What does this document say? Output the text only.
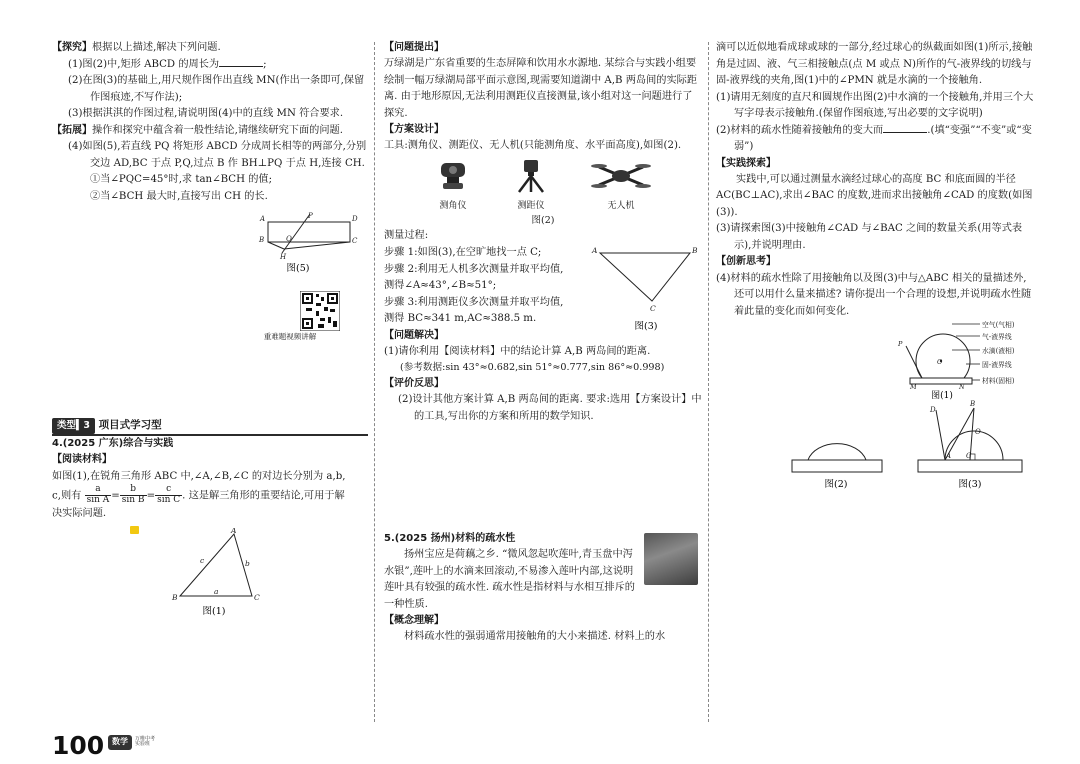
【探究】根据以上描述,解决下列问题.

(1)图(2)中,矩形 ABCD 的周长为	;

(2)在图(3)的基础上,用尺规作图作出直线 MN(作出一条即可,保留作图痕迹,不写作法);

(3)根据淇淇的作图过程,请说明图(4)中的直线 MN 符合要求.

【拓展】操作和探究中蕴含着一般性结论,请继续研究下面的问题.

(4)如图(5),若直线 PQ 将矩形 ABCD 分成周长相等的两部分,分别交边 AD,BC 于点 P,Q,过点 B 作 BH⊥PQ 于点 H,连接 CH.

①当∠PQC=45°时,求 tan∠BCH 的值;

②当∠BCH 最大时,直接写出 CH 的长.

A	P	D
B	Q	C
H
图(5)

重难题视频讲解

类型▍3 项目式学习型

4.(2025 广东)综合与实践

【阅读材料】

如图(1),在锐角三角形 ABC 中,∠A,∠B,∠C 的对边长分别为 a,b,

c,则有 $\frac{a}{\text{sin A}} = \frac{b}{\text{sin B}} = \frac{c}{\text{sin C}}$ . 这是解三角形的重要结论,可用于解

决实际问题.

A
B	C
a
b
c
图(1)

【问题提出】

万绿湖是广东省重要的生态屏障和饮用水水源地. 某综合与实践小组要绘制一幅万绿湖局部平面示意图,现需要知道湖中 A,B 两岛间的实际距离. 由于地形原因,无法利用测距仪直接测量,该小组对这一问题进行了探究.

【方案设计】

工具:测角仪、测距仪、无人机(只能测角度、水平面高度),如图(2).

测角仪	测距仪	无人机

图(2)

测量过程:

步骤 1:如图(3),在空旷地找一点 C;

步骤 2:利用无人机多次测量并取平均值,

测得∠A≈43°,∠B≈51°;

步骤 3:利用测距仪多次测量并取平均值,

测得 BC≈341 m,AC≈388.5 m.

A	B
C
图(3)

【问题解决】

(1)请你利用【阅读材料】中的结论计算 A,B 两岛间的距离.

(参考数据:sin 43°≈0.682,sin 51°≈0.777,sin 86°≈0.998)

【评价反思】

(2)设计其他方案计算 A,B 两岛间的距离. 要求:选用【方案设计】中的工具,写出你的方案和所用的数学知识.

5.(2025 扬州)材料的疏水性

扬州宝应是荷藕之乡. “微风忽起吹莲叶,青玉盘中泻水银”,莲叶上的水滴来回滚动,不易渗入莲叶内部,这说明莲叶具有较强的疏水性. 疏水性是指材料与水相互排斥的一种性质.

【概念理解】

材料疏水性的强弱通常用接触角的大小来描述. 材料上的水

滴可以近似地看成球或球的一部分,经过球心的纵截面如图(1)所示,接触角是过固、液、气三相接触点(点 M 或点 N)所作的气-液界线的切线与固-液界线的夹角,图(1)中的∠PMN 就是水滴的一个接触角.

(1)请用无刻度的直尺和圆规作出图(2)中水滴的一个接触角,并用三个大写字母表示接触角.(保留作图痕迹,写出必要的文字说明)

(2)材料的疏水性随着接触角的变大而	.(填“变强”“不变”或“变弱”)

【实践探索】

实践中,可以通过测量水滴经过球心的高度 BC 和底面圆的半径 AC(BC⊥AC),求出∠BAC 的度数,进而求出接触角∠CAD 的度数(如图(3)).

(3)请探索图(3)中接触角∠CAD 与∠BAC 之间的数量关系(用等式表示),并说明理由.

【创新思考】

(4)材料的疏水性除了用接触角以及图(3)中与△ABC 相关的量描述外,还可以用什么量来描述? 请你提出一个合理的设想,并说明疏水性随着此量的变化而如何变化.

P
O
M	N
空气(气相)
气-液界线
水滴(液相)
固-液界线
材料(固相)
图(1)
图(2)
D
B
O
A C
图(3)
100 数学	万唯中考
实验班
